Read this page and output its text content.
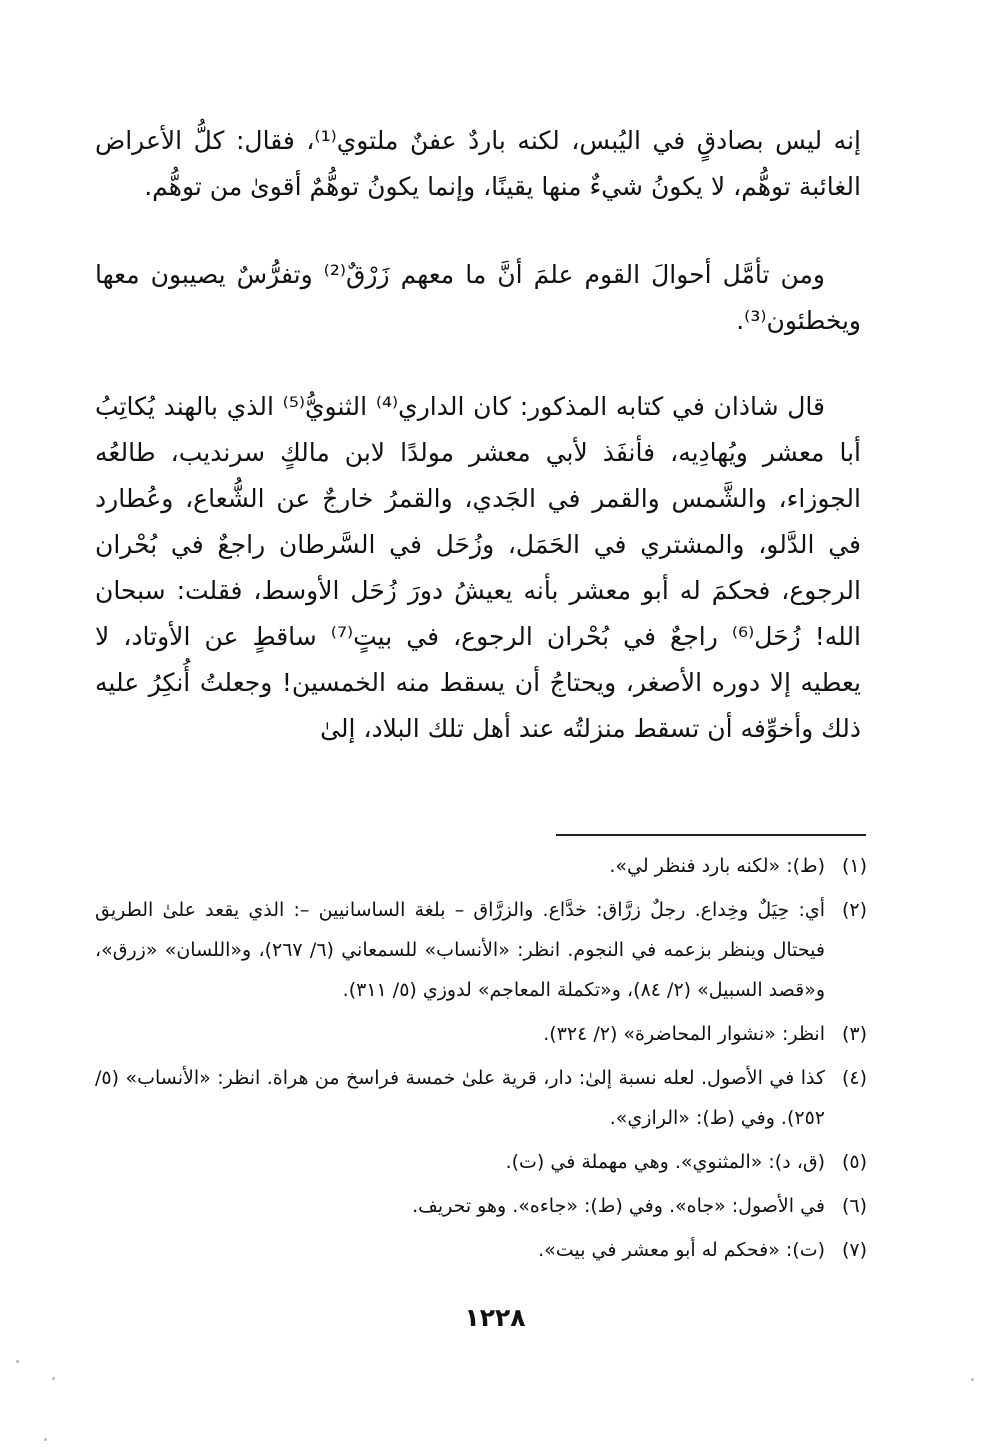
إنه ليس بصادقٍ في اليُبس، لكنه باردٌ عفنٌ ملتوي⁽¹⁾، فقال: كلُّ الأعراض الغائبة توهُّم، لا يكونُ شيءٌ منها يقينًا، وإنما يكونُ توهُّمٌ أقوىٰ من توهُّم.

ومن تأمَّل أحوالَ القوم علمَ أنَّ ما معهم زَرْقٌ⁽²⁾ وتفرُّسٌ يصيبون معها ويخطئون⁽³⁾.

قال شاذان في كتابه المذكور: كان الداري⁽⁴⁾ الثنويُّ⁽⁵⁾ الذي بالهند يُكاتِبُ أبا معشر ويُهادِيه، فأنفَذ لأبي معشر مولدًا لابن مالكٍ سرنديب، طالعُه الجوزاء، والشَّمس والقمر في الجَدي، والقمرُ خارجٌ عن الشُّعاع، وعُطارد في الدَّلو، والمشتري في الحَمَل، وزُحَل في السَّرطان راجعٌ في بُحْران الرجوع، فحكمَ له أبو معشر بأنه يعيشُ دورَ زُحَل الأوسط، فقلت: سبحان الله! زُحَل⁽⁶⁾ راجعٌ في بُحْران الرجوع، في بيتٍ⁽⁷⁾ ساقطٍ عن الأوتاد، لا يعطيه إلا دوره الأصغر، ويحتاجُ أن يسقط منه الخمسين! وجعلتُ أُنكِرُ عليه ذلك وأخوِّفه أن تسقط منزلتُه عند أهل تلك البلاد، إلىٰ

(١)
(ط): «لكنه بارد فنظر لي».
(٢)
أي: حِيَلٌ وخِداع. رجلٌ زرَّاق: خدَّاع. والزرَّاق – بلغة الساسانيين –: الذي يقعد علىٰ الطريق فيحتال وينظر بزعمه في النجوم. انظر: «الأنساب» للسمعاني (٦/ ٢٦٧)، و«اللسان» «زرق»، و«قصد السبيل» (٢/ ٨٤)، و«تكملة المعاجم» لدوزي (٥/ ٣١١).
(٣)
انظر: «نشوار المحاضرة» (٢/ ٣٢٤).
(٤)
كذا في الأصول. لعله نسبة إلىٰ: دار، قرية علىٰ خمسة فراسخ من هراة. انظر: «الأنساب» (٥/ ٢٥٢). وفي (ط): «الرازي».
(٥)
(ق، د): «المثنوي». وهي مهملة في (ت).
(٦)
في الأصول: «جاه». وفي (ط): «جاءه». وهو تحريف.
(٧)
(ت): «فحكم له أبو معشر في بيت».

١٢٢٨
